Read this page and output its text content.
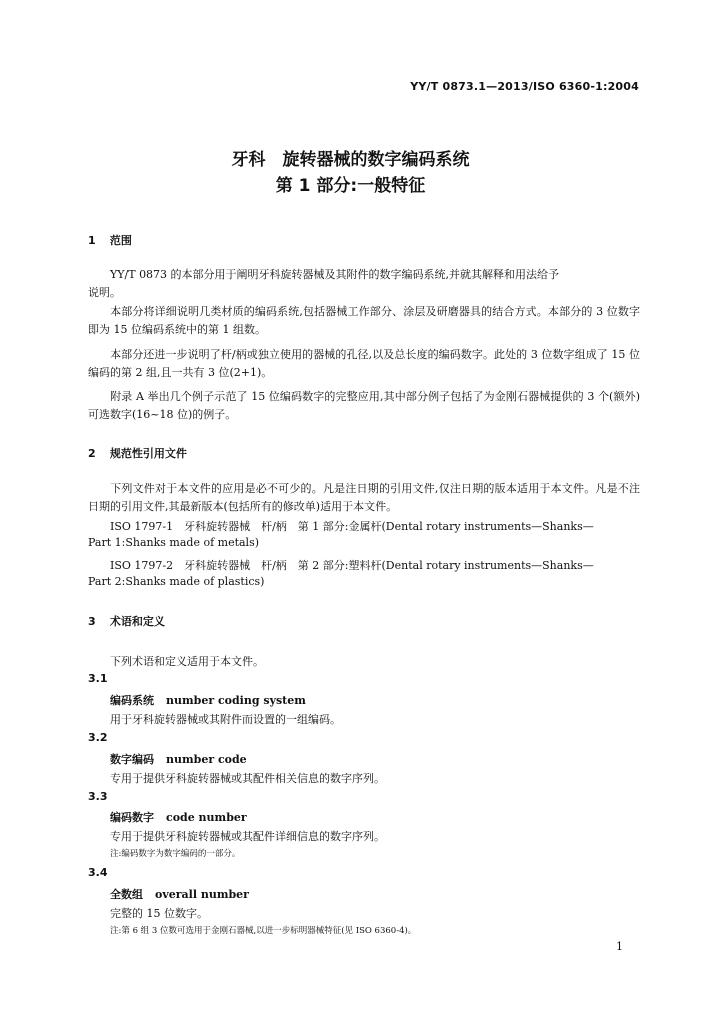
YY/T 0873.1—2013/ISO 6360-1:2004
牙科　旋转器械的数字编码系统
第 1 部分:一般特征
1 范围
YY/T 0873 的本部分用于阐明牙科旋转器械及其附件的数字编码系统,并就其解释和用法给予
说明。
本部分将详细说明几类材质的编码系统,包括器械工作部分、涂层及研磨器具的结合方式。本部分的 3 位数字即为 15 位编码系统中的第 1 组数。
本部分还进一步说明了杆/柄或独立使用的器械的孔径,以及总长度的编码数字。此处的 3 位数字组成了 15 位编码的第 2 组,且一共有 3 位(2+1)。
附录 A 举出几个例子示范了 15 位编码数字的完整应用,其中部分例子包括了为金刚石器械提供的 3 个(额外)可选数字(16~18 位)的例子。
2 规范性引用文件
下列文件对于本文件的应用是必不可少的。凡是注日期的引用文件,仅注日期的版本适用于本文件。凡是不注日期的引用文件,其最新版本(包括所有的修改单)适用于本文件。
ISO 1797-1　牙科旋转器械　杆/柄　第 1 部分:金属杆(Dental rotary instruments—Shanks—
Part 1:Shanks made of metals)
ISO 1797-2　牙科旋转器械　杆/柄　第 2 部分:塑料杆(Dental rotary instruments—Shanks—
Part 2:Shanks made of plastics)
3 术语和定义
下列术语和定义适用于本文件。
3.1
编码系统 number coding system
用于牙科旋转器械或其附件而设置的一组编码。
3.2
数字编码 number code
专用于提供牙科旋转器械或其配件相关信息的数字序列。
3.3
编码数字 code number
专用于提供牙科旋转器械或其配件详细信息的数字序列。
注:编码数字为数字编码的一部分。
3.4
全数组 overall number
完整的 15 位数字。
注:第 6 组 3 位数可选用于金刚石器械,以进一步标明器械特征(见 ISO 6360-4)。
1
